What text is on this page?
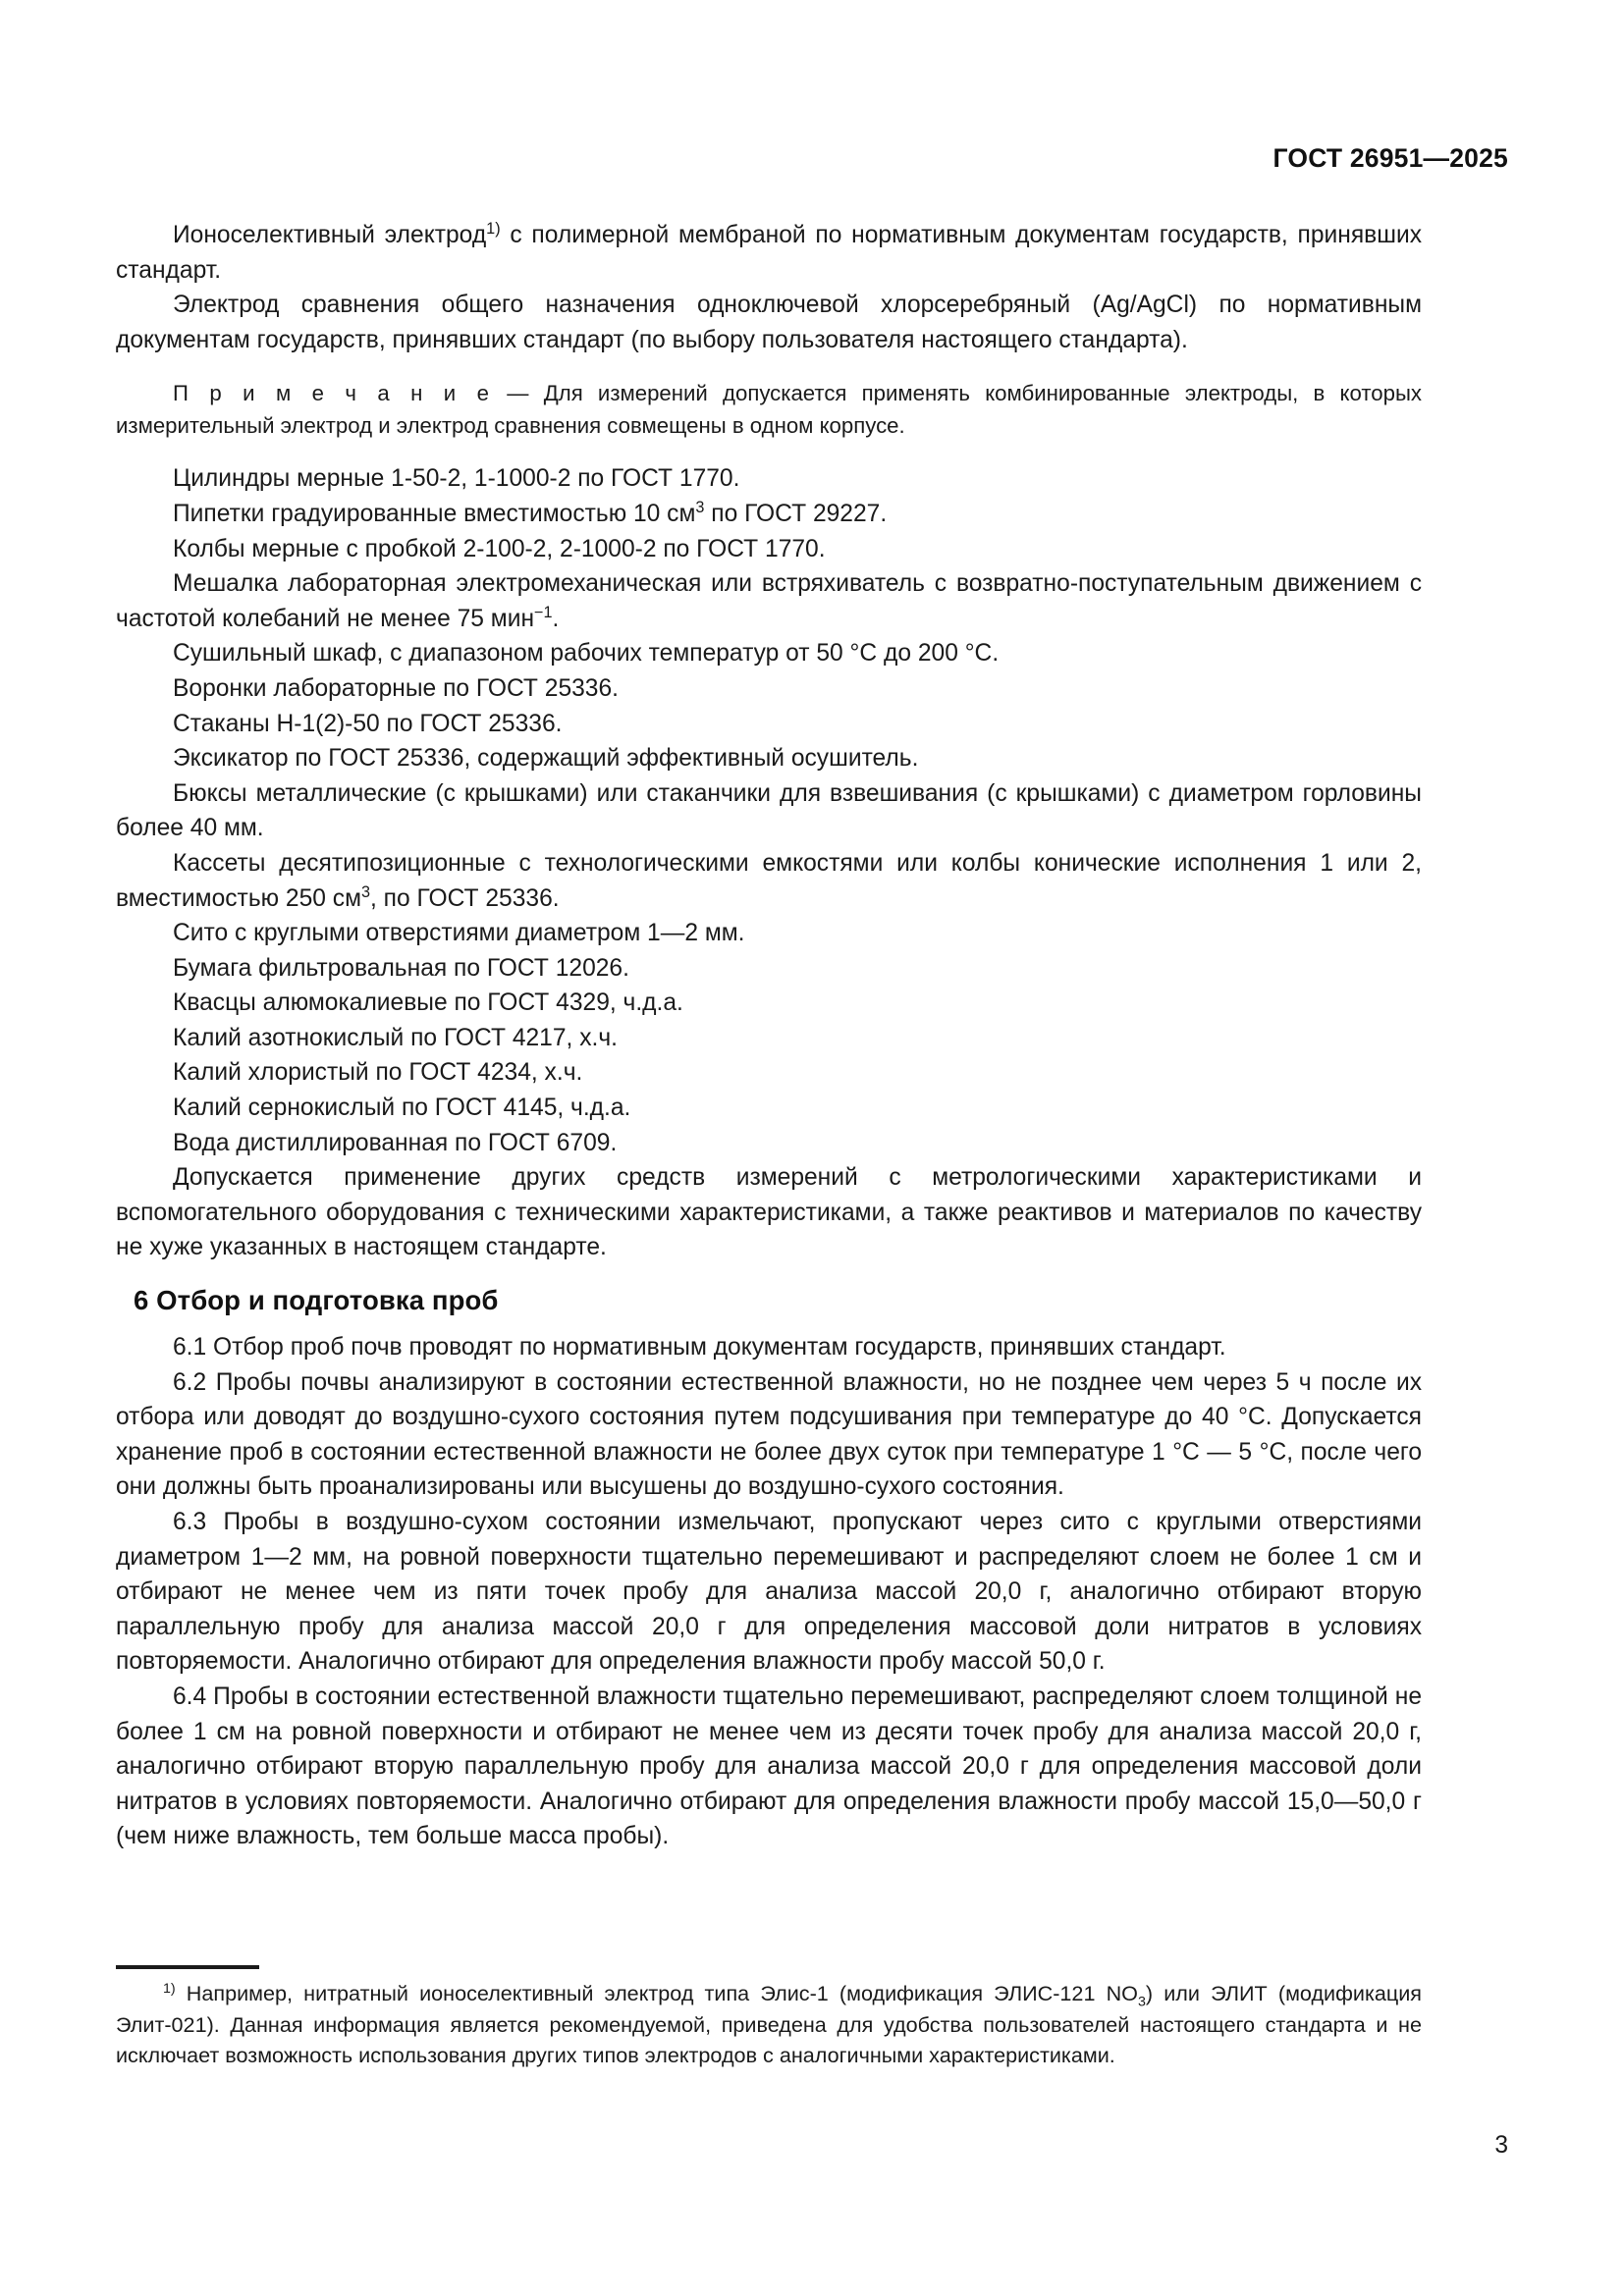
ГОСТ 26951—2025

Ионоселективный электрод$^{1)}$ с полимерной мембраной по нормативным документам государств, принявших стандарт.

Электрод сравнения общего назначения одноключевой хлорсеребряный (Ag/AgCl) по нормативным документам государств, принявших стандарт (по выбору пользователя настоящего стандарта).

П р и м е ч а н и е — Для измерений допускается применять комбинированные электроды, в которых измерительный электрод и электрод сравнения совмещены в одном корпусе.

Цилиндры мерные 1-50-2, 1-1000-2 по ГОСТ 1770.

Пипетки градуированные вместимостью 10 $см^3$ по ГОСТ 29227.

Колбы мерные с пробкой 2-100-2, 2-1000-2 по ГОСТ 1770.

Мешалка лабораторная электромеханическая или встряхиватель с возвратно-поступательным движением с частотой колебаний не менее 75 мин$^{-1}$.

Сушильный шкаф, с диапазоном рабочих температур от 50 °C до 200 °C.

Воронки лабораторные по ГОСТ 25336.

Стаканы Н-1(2)-50 по ГОСТ 25336.

Эксикатор по ГОСТ 25336, содержащий эффективный осушитель.

Бюксы металлические (с крышками) или стаканчики для взвешивания (с крышками) с диаметром горловины более 40 мм.

Кассеты десятипозиционные с технологическими емкостями или колбы конические исполнения 1 или 2, вместимостью 250 $см^3$, по ГОСТ 25336.

Сито с круглыми отверстиями диаметром 1—2 мм.

Бумага фильтровальная по ГОСТ 12026.

Квасцы алюмокалиевые по ГОСТ 4329, ч.д.а.

Калий азотнокислый по ГОСТ 4217, х.ч.

Калий хлористый по ГОСТ 4234, х.ч.

Калий сернокислый по ГОСТ 4145, ч.д.а.

Вода дистиллированная по ГОСТ 6709.

Допускается применение других средств измерений с метрологическими характеристиками и вспомогательного оборудования с техническими характеристиками, а также реактивов и материалов по качеству не хуже указанных в настоящем стандарте.

6 Отбор и подготовка проб

6.1 Отбор проб почв проводят по нормативным документам государств, принявших стандарт.

6.2 Пробы почвы анализируют в состоянии естественной влажности, но не позднее чем через 5 ч после их отбора или доводят до воздушно-сухого состояния путем подсушивания при температуре до 40 °C. Допускается хранение проб в состоянии естественной влажности не более двух суток при температуре 1 °C — 5 °C, после чего они должны быть проанализированы или высушены до воздушно-сухого состояния.

6.3 Пробы в воздушно-сухом состоянии измельчают, пропускают через сито с круглыми отверстиями диаметром 1—2 мм, на ровной поверхности тщательно перемешивают и распределяют слоем не более 1 см и отбирают не менее чем из пяти точек пробу для анализа массой 20,0 г, аналогично отбирают вторую параллельную пробу для анализа массой 20,0 г для определения массовой доли нитратов в условиях повторяемости. Аналогично отбирают для определения влажности пробу массой 50,0 г.

6.4 Пробы в состоянии естественной влажности тщательно перемешивают, распределяют слоем толщиной не более 1 см на ровной поверхности и отбирают не менее чем из десяти точек пробу для анализа массой 20,0 г, аналогично отбирают вторую параллельную пробу для анализа массой 20,0 г для определения массовой доли нитратов в условиях повторяемости. Аналогично отбирают для определения влажности пробу массой 15,0—50,0 г (чем ниже влажность, тем больше масса пробы).

$^{1)}$ Например, нитратный ионоселективный электрод типа Элис-1 (модификация ЭЛИС-121 $NO_3$) или ЭЛИТ (модификация Элит-021). Данная информация является рекомендуемой, приведена для удобства пользователей настоящего стандарта и не исключает возможность использования других типов электродов с аналогичными характеристиками.

3
